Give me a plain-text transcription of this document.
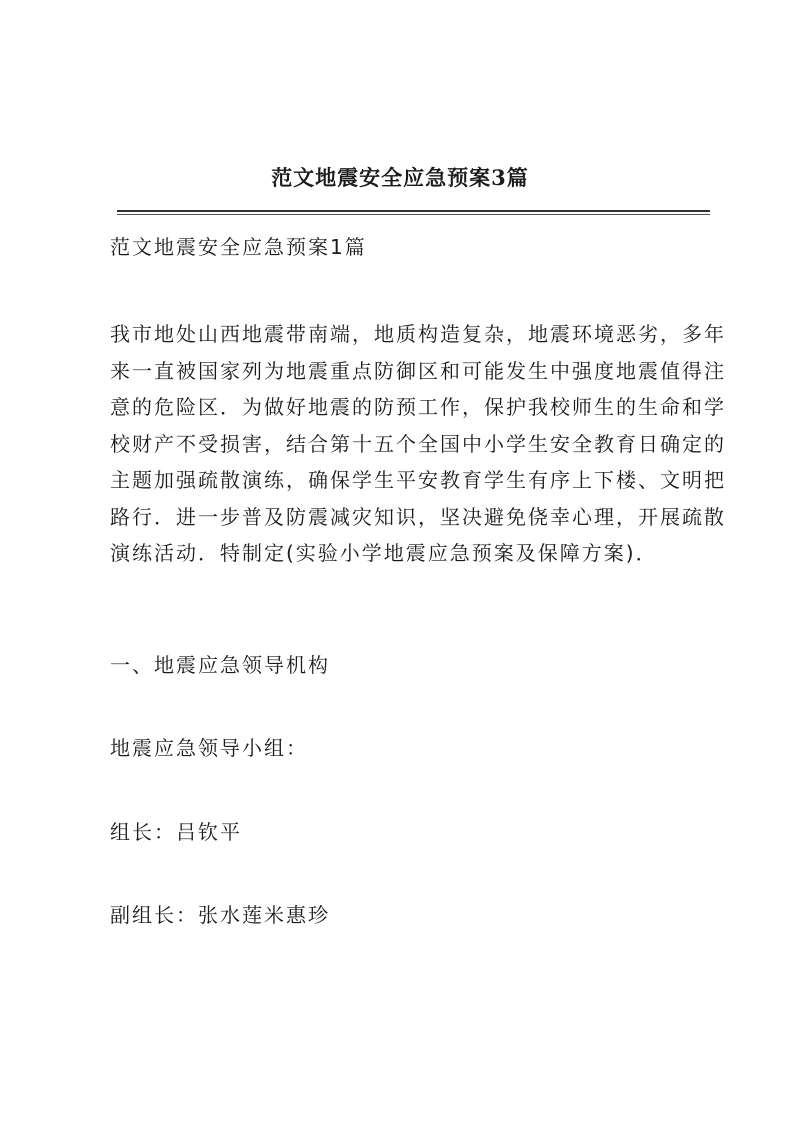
范文地震安全应急预案3篇
范文地震安全应急预案1篇
我市地处山西地震带南端，地质构造复杂，地震环境恶劣，多年
来一直被国家列为地震重点防御区和可能发生中强度地震值得注
意的危险区．为做好地震的防预工作，保护我校师生的生命和学
校财产不受损害，结合第十五个全国中小学生安全教育日确定的
主题加强疏散演练，确保学生平安教育学生有序上下楼、文明把
路行．进一步普及防震减灾知识，坚决避免侥幸心理，开展疏散
演练活动．特制定(实验小学地震应急预案及保障方案)．
一、地震应急领导机构
地震应急领导小组：
组长：吕钦平
副组长：张水莲米惠珍
